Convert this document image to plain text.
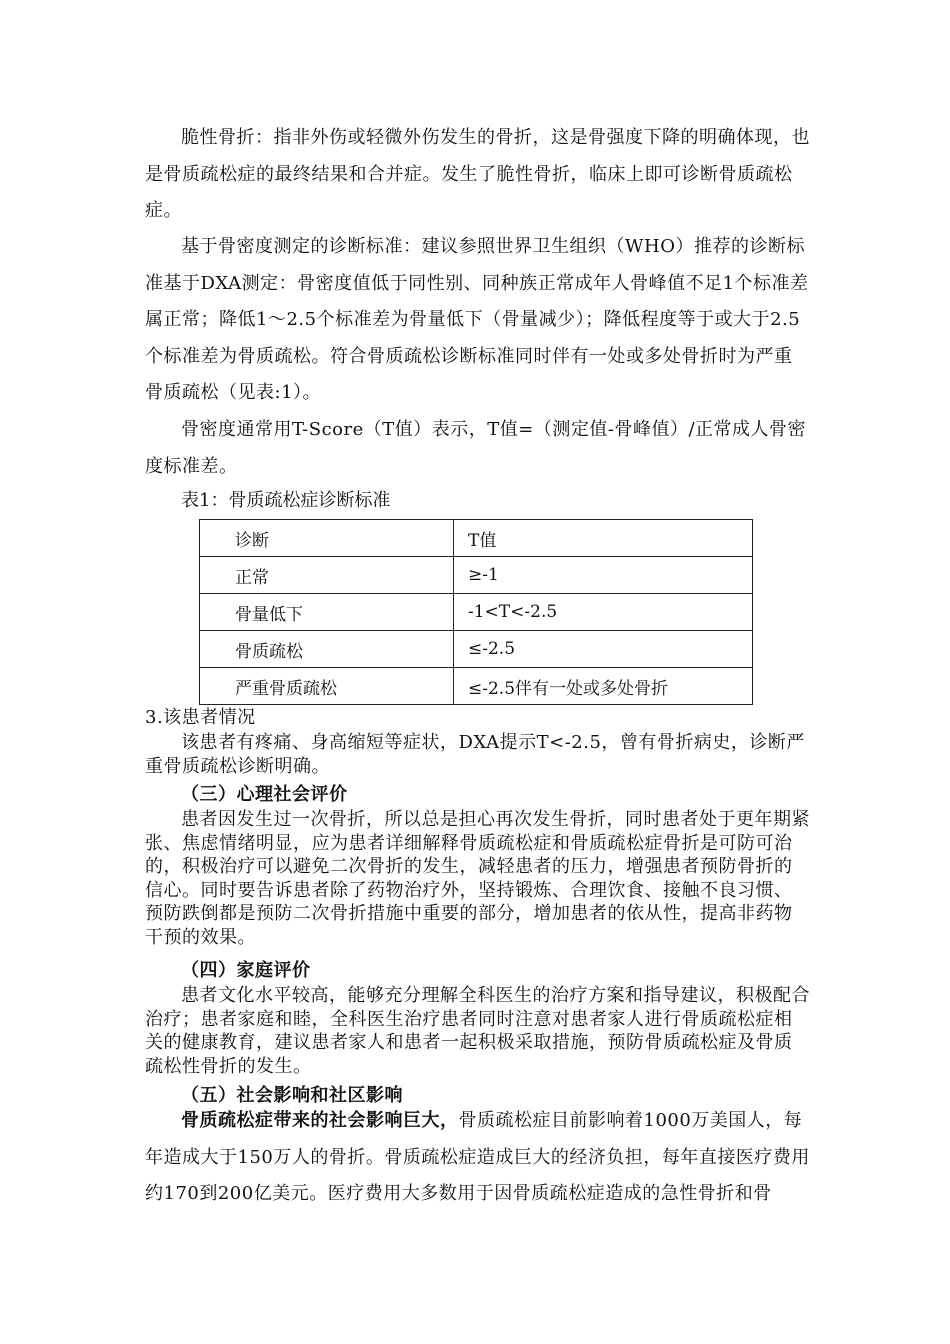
脆性骨折：指非外伤或轻微外伤发生的骨折，这是骨强度下降的明确体现，也是骨质疏松症的最终结果和合并症。发生了脆性骨折，临床上即可诊断骨质疏松症。

基于骨密度测定的诊断标准：建议参照世界卫生组织（WHO）推荐的诊断标准基于DXA测定：骨密度值低于同性别、同种族正常成年人骨峰值不足1个标准差属正常；降低1～2.5个标准差为骨量低下（骨量减少）；降低程度等于或大于2.5个标准差为骨质疏松。符合骨质疏松诊断标准同时伴有一处或多处骨折时为严重骨质疏松（见表:1）。

骨密度通常用T-Score（T值）表示，T值=（测定值-骨峰值）/正常成人骨密度标准差。

表1：骨质疏松症诊断标准
诊断	T值
正常	≥-1
骨量低下	-1<T<-2.5
骨质疏松	≤-2.5
严重骨质疏松	≤-2.5伴有一处或多处骨折

3.该患者情况

该患者有疼痛、身高缩短等症状，DXA提示T<-2.5，曾有骨折病史，诊断严重骨质疏松诊断明确。

（三）心理社会评价

患者因发生过一次骨折，所以总是担心再次发生骨折，同时患者处于更年期紧张、焦虑情绪明显，应为患者详细解释骨质疏松症和骨质疏松症骨折是可防可治的，积极治疗可以避免二次骨折的发生，减轻患者的压力，增强患者预防骨折的信心。同时要告诉患者除了药物治疗外，坚持锻炼、合理饮食、接触不良习惯、预防跌倒都是预防二次骨折措施中重要的部分，增加患者的依从性，提高非药物干预的效果。

（四）家庭评价

患者文化水平较高，能够充分理解全科医生的治疗方案和指导建议，积极配合治疗；患者家庭和睦，全科医生治疗患者同时注意对患者家人进行骨质疏松症相关的健康教育，建议患者家人和患者一起积极采取措施，预防骨质疏松症及骨质疏松性骨折的发生。

（五）社会影响和社区影响

骨质疏松症带来的社会影响巨大，骨质疏松症目前影响着1000万美国人，每年造成大于150万人的骨折。骨质疏松症造成巨大的经济负担，每年直接医疗费用约170到200亿美元。医疗费用大多数用于因骨质疏松症造成的急性骨折和骨
